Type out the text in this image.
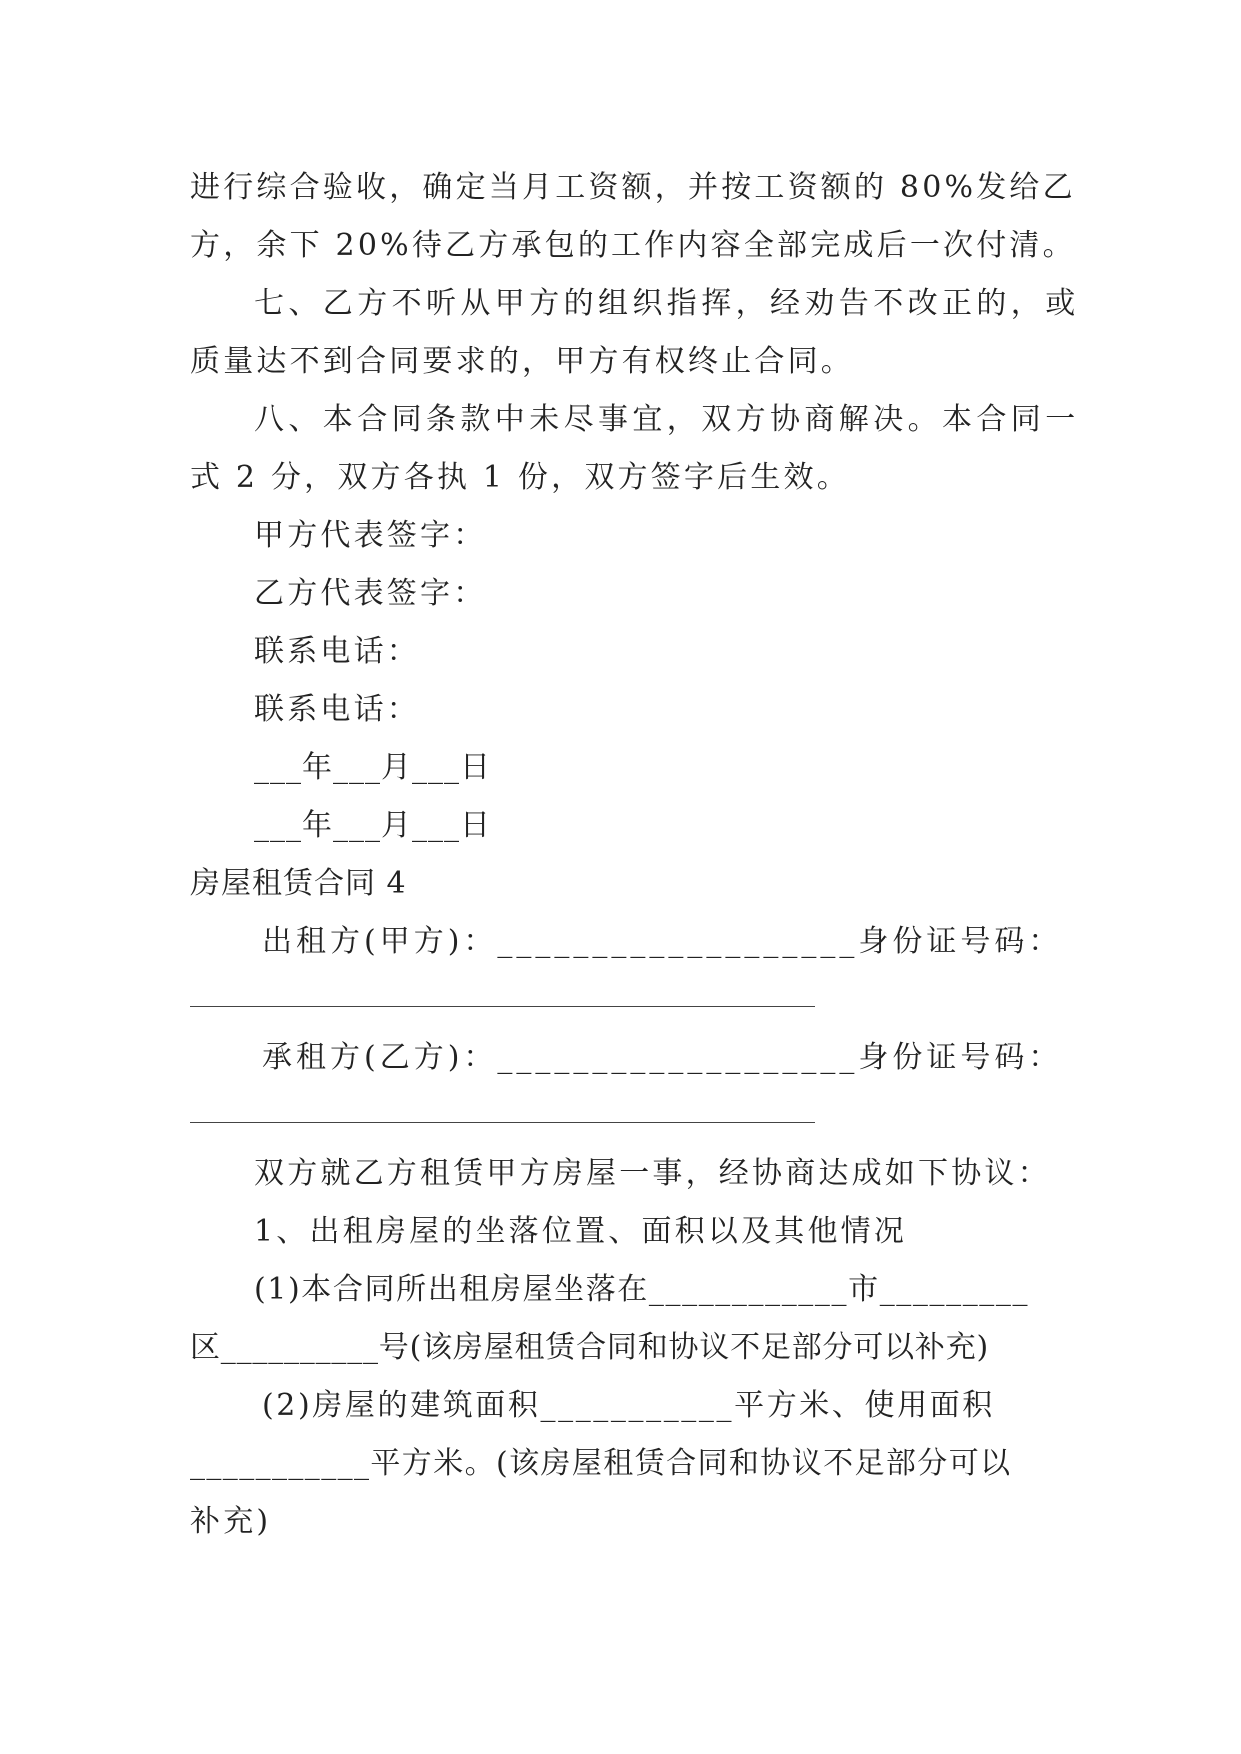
进行综合验收，确定当月工资额，并按工资额的 80%发给乙
方，余下 20%待乙方承包的工作内容全部完成后一次付清。
七、乙方不听从甲方的组织指挥，经劝告不改正的，或
质量达不到合同要求的，甲方有权终止合同。
八、本合同条款中未尽事宜，双方协商解决。本合同一
式 2 分，双方各执 1 份，双方签字后生效。
甲方代表签字：
乙方代表签字：
联系电话：
联系电话：
___年___月___日
___年___月___日
房屋租赁合同 4
出租方(甲方)：___________________身份证号码：
承租方(乙方)：___________________身份证号码：
双方就乙方租赁甲方房屋一事，经协商达成如下协议：
1、出租房屋的坐落位置、面积以及其他情况
(1)本合同所出租房屋坐落在____________市_________
区__________号(该房屋租赁合同和协议不足部分可以补充)
(2)房屋的建筑面积___________平方米、使用面积
___________平方米。(该房屋租赁合同和协议不足部分可以
补充)
